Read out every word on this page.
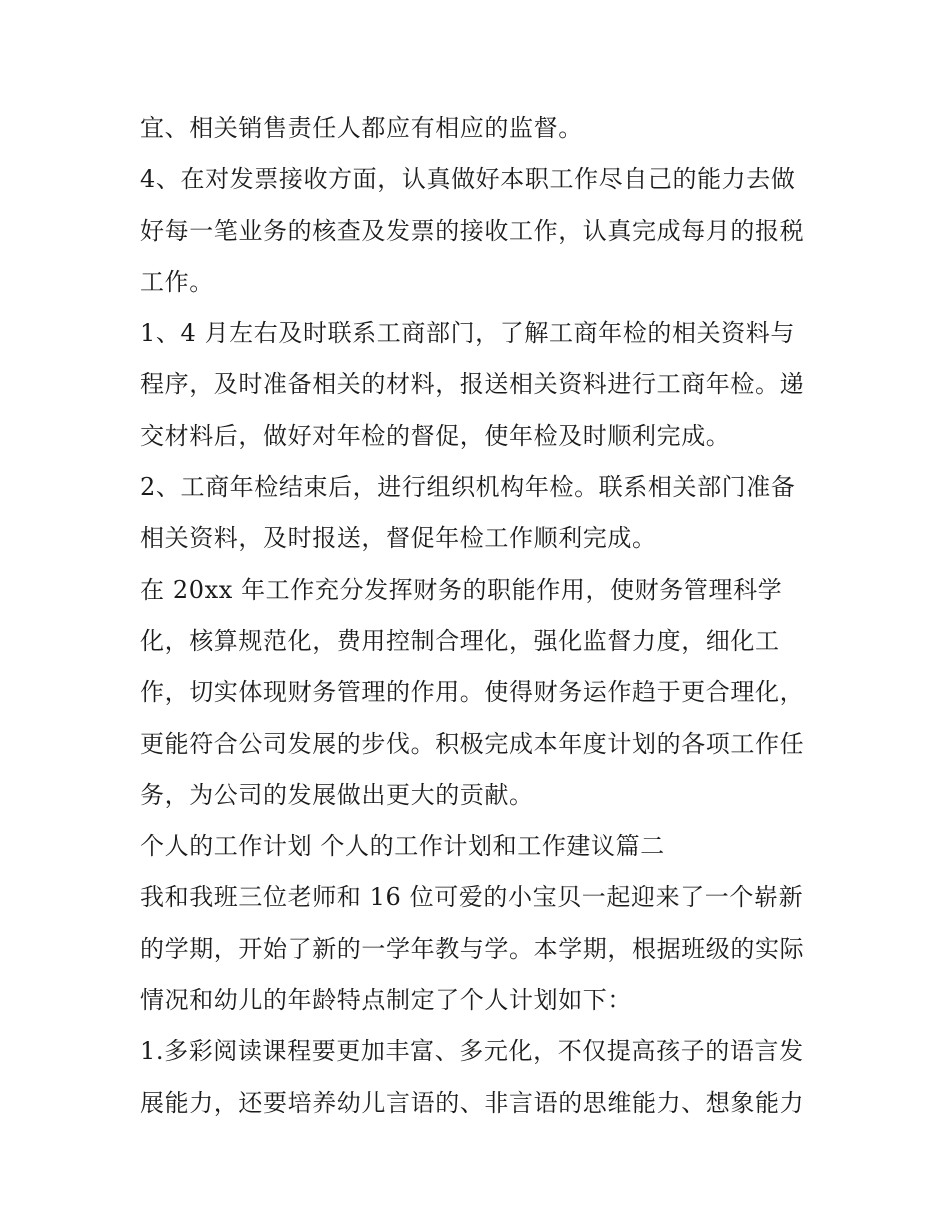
宜、相关销售责任人都应有相应的监督。
4、在对发票接收方面，认真做好本职工作尽自己的能力去做
好每一笔业务的核查及发票的接收工作，认真完成每月的报税
工作。
1、4 月左右及时联系工商部门，了解工商年检的相关资料与
程序，及时准备相关的材料，报送相关资料进行工商年检。递
交材料后，做好对年检的督促，使年检及时顺利完成。
2、工商年检结束后，进行组织机构年检。联系相关部门准备
相关资料，及时报送，督促年检工作顺利完成。
在 20xx 年工作充分发挥财务的职能作用，使财务管理科学
化，核算规范化，费用控制合理化，强化监督力度，细化工
作，切实体现财务管理的作用。使得财务运作趋于更合理化，
更能符合公司发展的步伐。积极完成本年度计划的各项工作任
务，为公司的发展做出更大的贡献。
个人的工作计划 个人的工作计划和工作建议篇二
我和我班三位老师和 16 位可爱的小宝贝一起迎来了一个崭新
的学期，开始了新的一学年教与学。本学期，根据班级的实际
情况和幼儿的年龄特点制定了个人计划如下：
1.多彩阅读课程要更加丰富、多元化，不仅提高孩子的语言发
展能力，还要培养幼儿言语的、非言语的思维能力、想象能力
